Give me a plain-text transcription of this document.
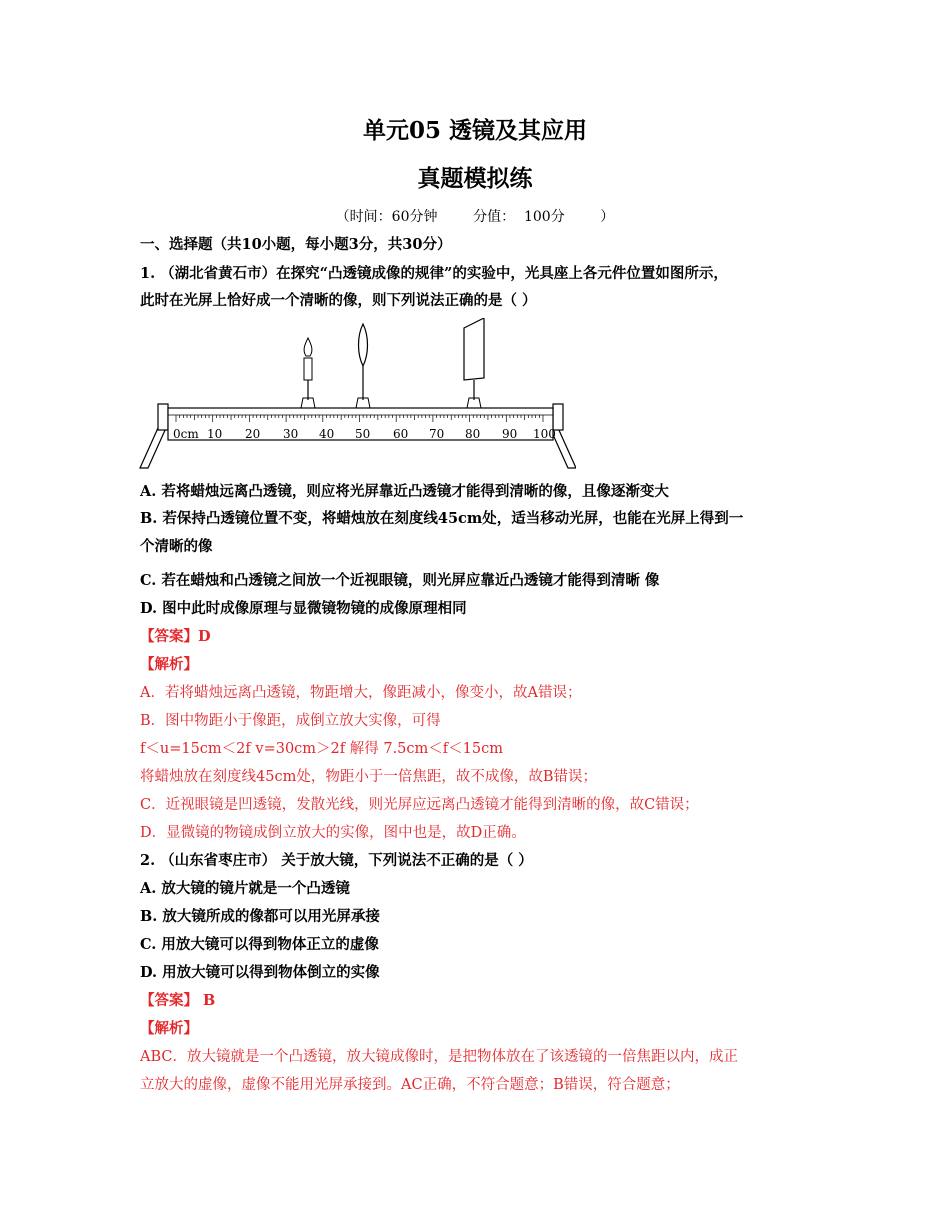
单元05 透镜及其应用
真题模拟练
（时间：60分钟        分值：  100分        ）
一、选择题（共10小题，每小题3分，共30分）
1. （湖北省黄石市）在探究“凸透镜成像的规律”的实验中，光具座上各元件位置如图所示，
此时在光屏上恰好成一个清晰的像，则下列说法正确的是（ ）
0cm 10 20 30 40 50 60 70 80 90 100
A. 若将蜡烛远离凸透镜，则应将光屏靠近凸透镜才能得到清晰的像，且像逐渐变大
B. 若保持凸透镜位置不变，将蜡烛放在刻度线45cm处，适当移动光屏，也能在光屏上得到一
个清晰的像
C. 若在蜡烛和凸透镜之间放一个近视眼镜，则光屏应靠近凸透镜才能得到清晰 像
D. 图中此时成像原理与显微镜物镜的成像原理相同
【答案】D
【解析】
A．若将蜡烛远离凸透镜，物距增大，像距减小，像变小，故A错误；
B．图中物距小于像距，成倒立放大实像，可得
f＜u=15cm＜2f v=30cm＞2f 解得 7.5cm＜f＜15cm
将蜡烛放在刻度线45cm处，物距小于一倍焦距，故不成像，故B错误；
C．近视眼镜是凹透镜，发散光线，则光屏应远离凸透镜才能得到清晰的像，故C错误；
D．显微镜的物镜成倒立放大的实像，图中也是，故D正确。
2. （山东省枣庄市） 关于放大镜，下列说法不正确的是（ ）
A. 放大镜的镜片就是一个凸透镜
B. 放大镜所成的像都可以用光屏承接
C. 用放大镜可以得到物体正立的虚像
D. 用放大镜可以得到物体倒立的实像
【答案】 B
【解析】
ABC．放大镜就是一个凸透镜，放大镜成像时，是把物体放在了该透镜的一倍焦距以内，成正
立放大的虚像，虚像不能用光屏承接到。AC正确，不符合题意；B错误，符合题意；
